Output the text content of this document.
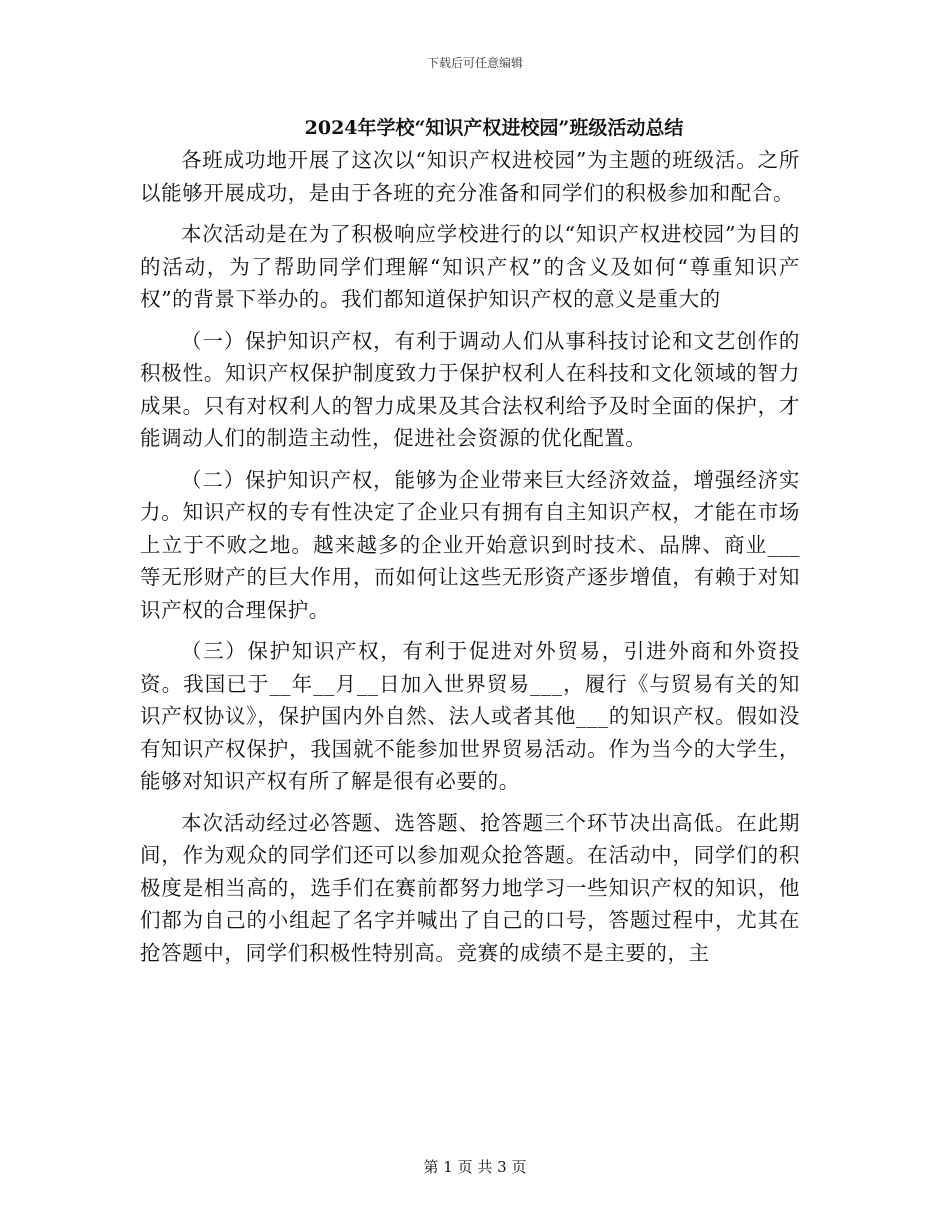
下载后可任意编辑
2024年学校“知识产权进校园”班级活动总结

各班成功地开展了这次以“知识产权进校园”为主题的班级活。之所以能够开展成功，是由于各班的充分准备和同学们的积极参加和配合。

本次活动是在为了积极响应学校进行的以“知识产权进校园”为目的的活动，为了帮助同学们理解“知识产权”的含义及如何“尊重知识产权”的背景下举办的。我们都知道保护知识产权的意义是重大的

（一）保护知识产权，有利于调动人们从事科技讨论和文艺创作的积极性。知识产权保护制度致力于保护权利人在科技和文化领域的智力成果。只有对权利人的智力成果及其合法权利给予及时全面的保护，才能调动人们的制造主动性，促进社会资源的优化配置。

（二）保护知识产权，能够为企业带来巨大经济效益，增强经济实力。知识产权的专有性决定了企业只有拥有自主知识产权，才能在市场上立于不败之地。越来越多的企业开始意识到时技术、品牌、商业___等无形财产的巨大作用，而如何让这些无形资产逐步增值，有赖于对知识产权的合理保护。

（三）保护知识产权，有利于促进对外贸易，引进外商和外资投资。我国已于__年__月__日加入世界贸易___，履行《与贸易有关的知识产权协议》，保护国内外自然、法人或者其他___的知识产权。假如没有知识产权保护，我国就不能参加世界贸易活动。作为当今的大学生，能够对知识产权有所了解是很有必要的。

本次活动经过必答题、选答题、抢答题三个环节决出高低。在此期间，作为观众的同学们还可以参加观众抢答题。在活动中，同学们的积极度是相当高的，选手们在赛前都努力地学习一些知识产权的知识，他们都为自己的小组起了名字并喊出了自己的口号，答题过程中，尤其在抢答题中，同学们积极性特别高。竞赛的成绩不是主要的，主

第 1 页 共 3 页
